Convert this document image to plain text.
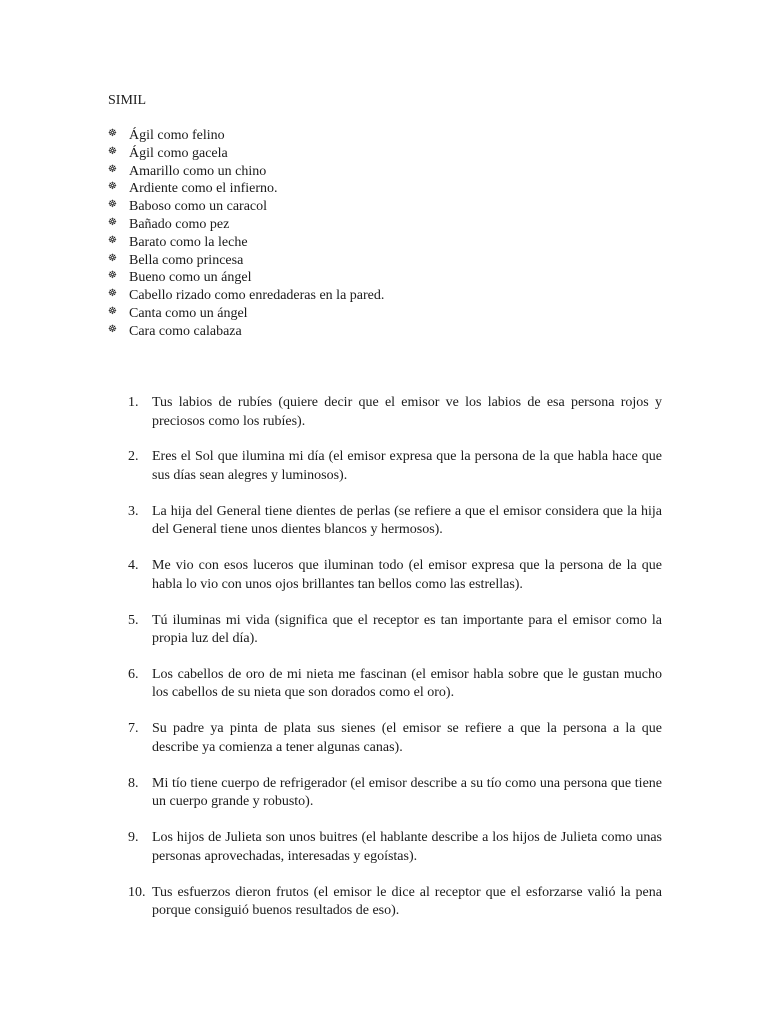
SIMIL
☸ Ágil como felino
☸ Ágil como gacela
☸ Amarillo como un chino
☸ Ardiente como el infierno.
☸ Baboso como un caracol
☸ Bañado como pez
☸ Barato como la leche
☸ Bella como princesa
☸ Bueno como un ángel
☸ Cabello rizado como enredaderas en la pared.
☸ Canta como un ángel
☸ Cara como calabaza
1. Tus labios de rubíes (quiere decir que el emisor ve los labios de esa persona rojos y preciosos como los rubíes).
2. Eres el Sol que ilumina mi día (el emisor expresa que la persona de la que habla hace que sus días sean alegres y luminosos).
3. La hija del General tiene dientes de perlas (se refiere a que el emisor considera que la hija del General tiene unos dientes blancos y hermosos).
4. Me vio con esos luceros que iluminan todo (el emisor expresa que la persona de la que habla lo vio con unos ojos brillantes tan bellos como las estrellas).
5. Tú iluminas mi vida (significa que el receptor es tan importante para el emisor como la propia luz del día).
6. Los cabellos de oro de mi nieta me fascinan (el emisor habla sobre que le gustan mucho los cabellos de su nieta que son dorados como el oro).
7. Su padre ya pinta de plata sus sienes (el emisor se refiere a que la persona a la que describe ya comienza a tener algunas canas).
8. Mi tío tiene cuerpo de refrigerador (el emisor describe a su tío como una persona que tiene un cuerpo grande y robusto).
9. Los hijos de Julieta son unos buitres (el hablante describe a los hijos de Julieta como unas personas aprovechadas, interesadas y egoístas).
10. Tus esfuerzos dieron frutos (el emisor le dice al receptor que el esforzarse valió la pena porque consiguió buenos resultados de eso).
